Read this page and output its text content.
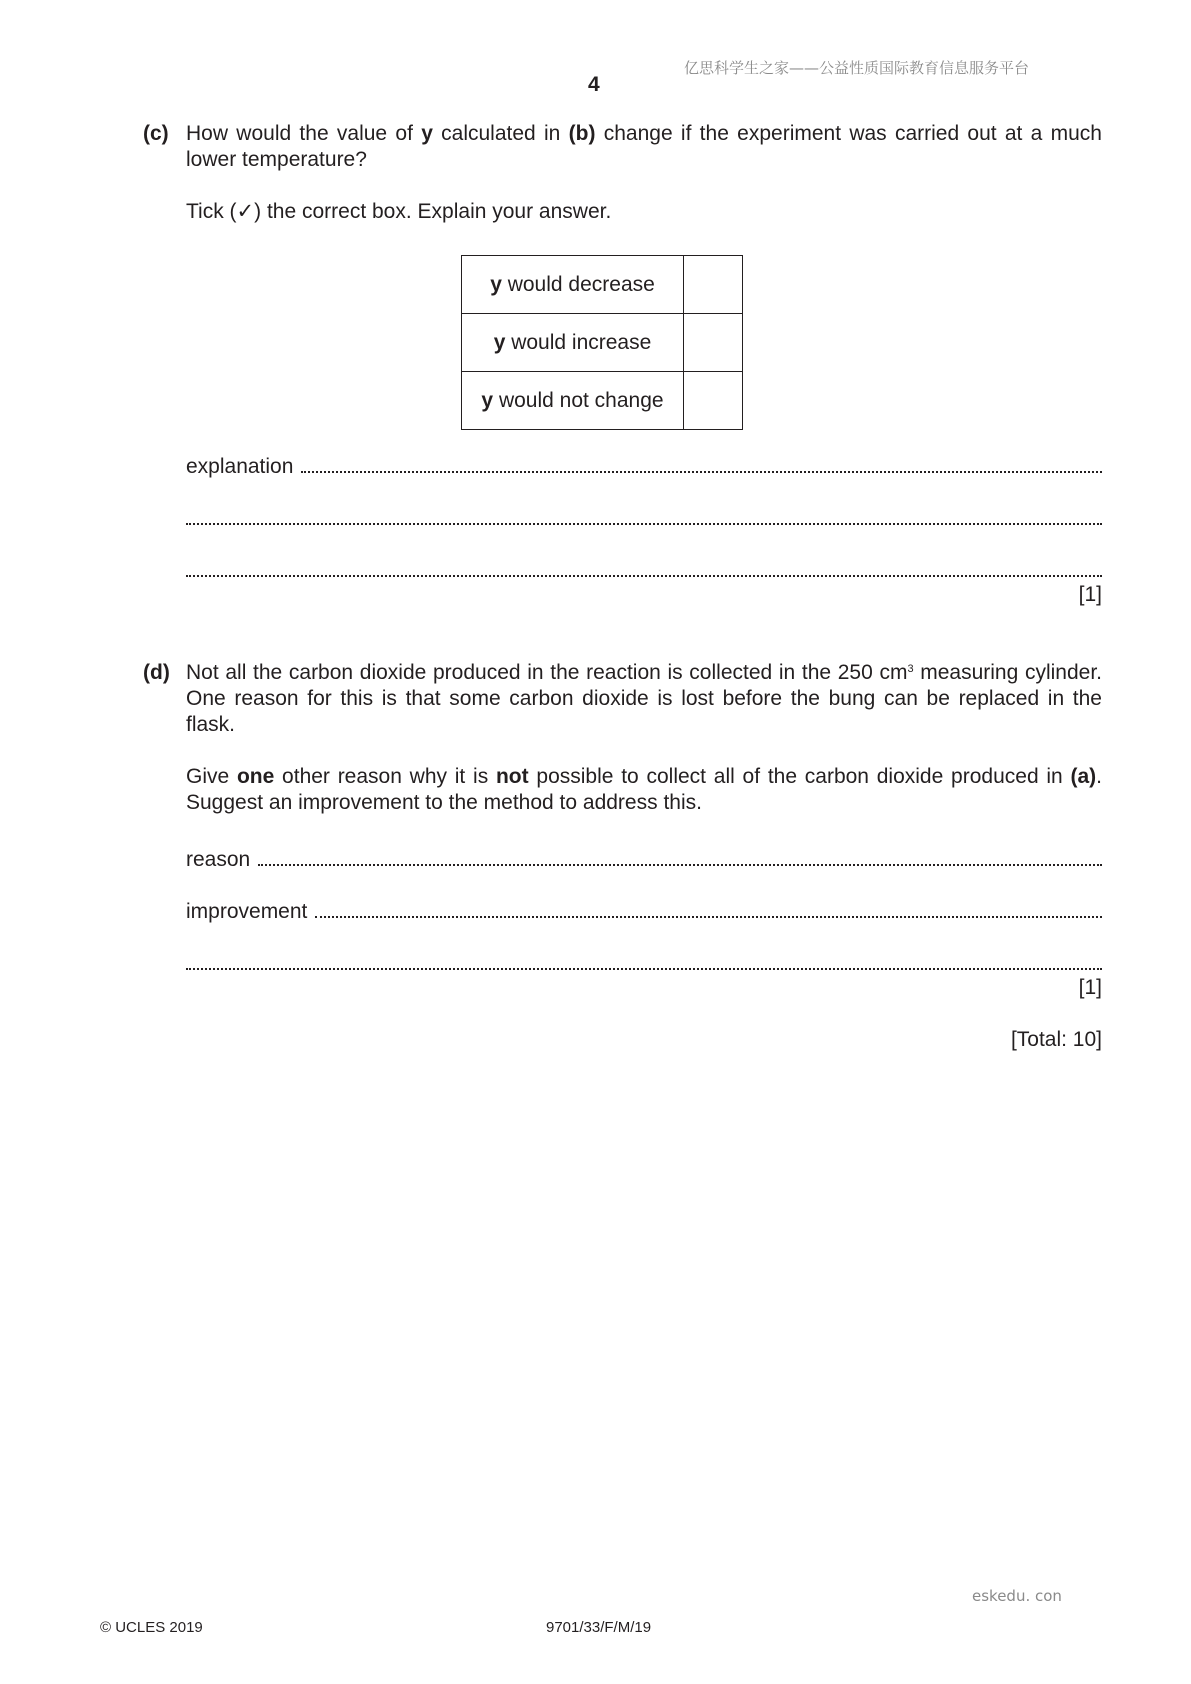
亿思科学生之家——公益性质国际教育信息服务平台
4
(c) How would the value of y calculated in (b) change if the experiment was carried out at a much lower temperature?
Tick (✓) the correct box. Explain your answer.
y would decrease	
y would increase	
y would not change	
explanation
[1]
(d) Not all the carbon dioxide produced in the reaction is collected in the 250 $cm^3$ measuring cylinder. One reason for this is that some carbon dioxide is lost before the bung can be replaced in the flask.
Give one other reason why it is not possible to collect all of the carbon dioxide produced in (a). Suggest an improvement to the method to address this.
reason
improvement
[1]
[Total: 10]
eskedu. con
© UCLES 2019	9701/33/F/M/19
